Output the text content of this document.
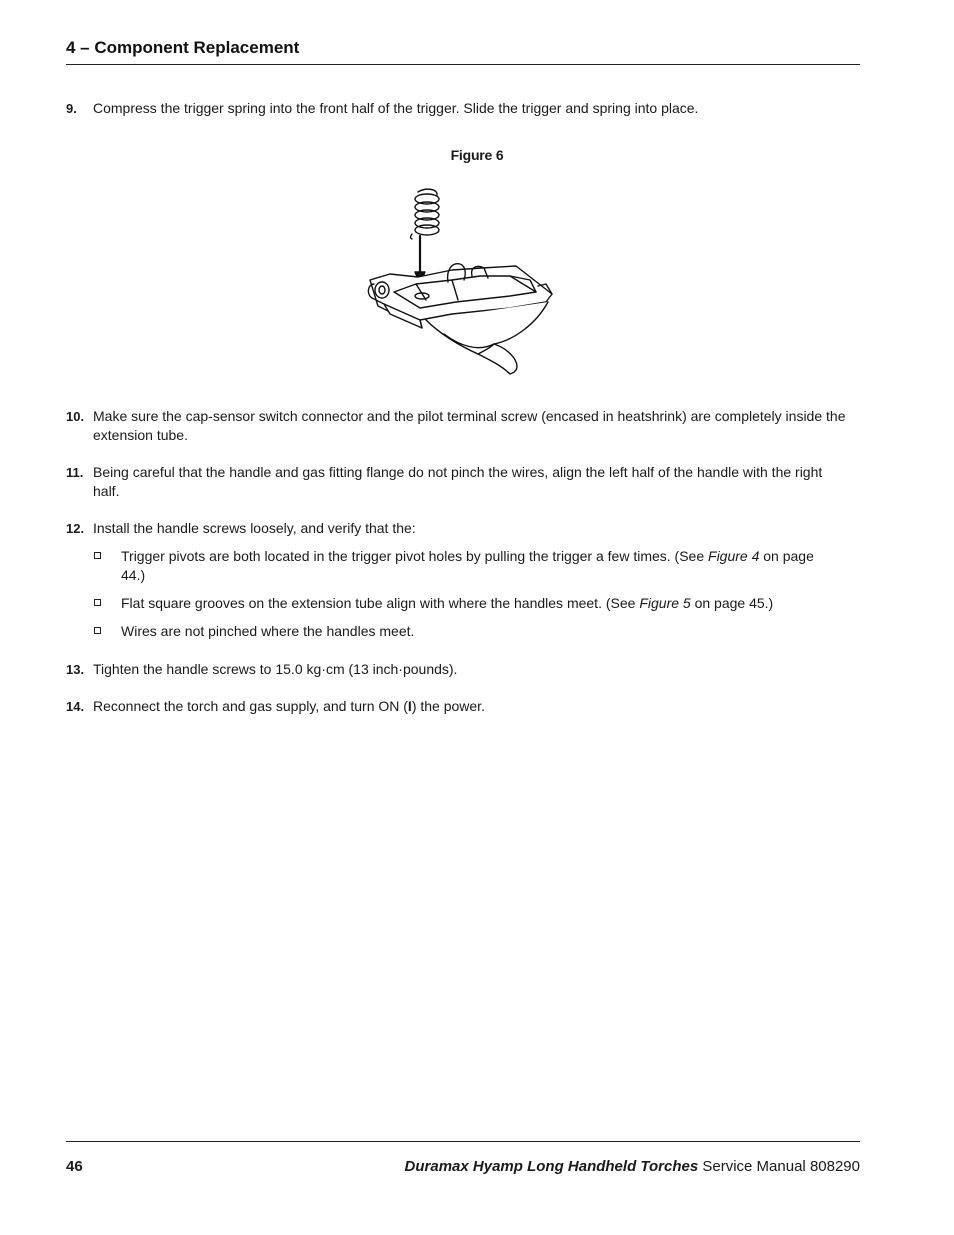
4 – Component Replacement
9.	Compress the trigger spring into the front half of the trigger. Slide the trigger and spring into place.
Figure 6
10. Make sure the cap-sensor switch connector and the pilot terminal screw (encased in heatshrink) are completely inside the extension tube.
11. Being careful that the handle and gas fitting flange do not pinch the wires, align the left half of the handle with the right half.
12. Install the handle screws loosely, and verify that the:
Trigger pivots are both located in the trigger pivot holes by pulling the trigger a few times. (See Figure 4 on page 44.)
Flat square grooves on the extension tube align with where the handles meet. (See Figure 5 on page 45.)
Wires are not pinched where the handles meet.
13. Tighten the handle screws to 15.0 kg·cm (13 inch·pounds).
14. Reconnect the torch and gas supply, and turn ON (I) the power.
46	Duramax Hyamp Long Handheld Torches Service Manual 808290
